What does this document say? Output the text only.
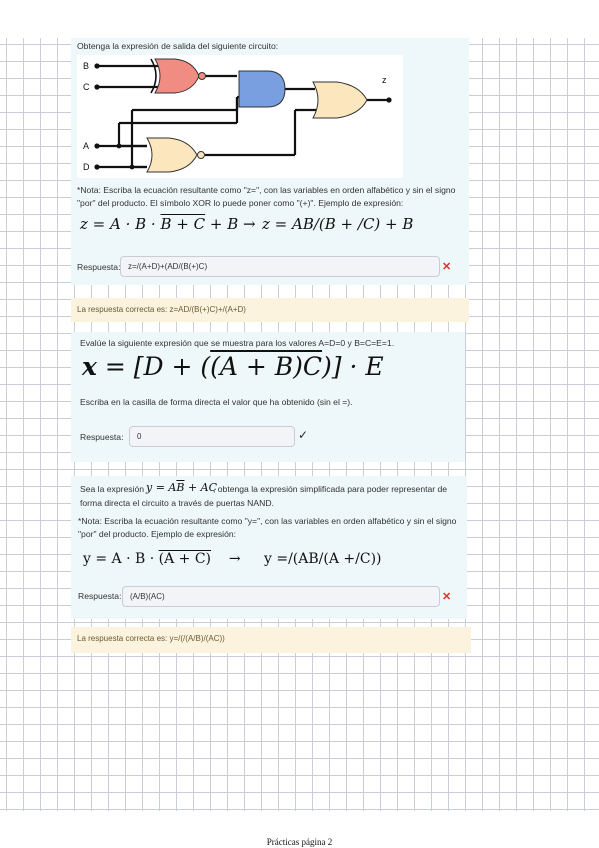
Obtenga la expresión de salida del siguiente circuito:
B
C
A
D
z
*Nota: Escriba la ecuación resultante como "z=", con las variables en orden alfabético y sin el signo
"por" del producto. El símbolo XOR lo puede poner como "(+)". Ejemplo de expresión:
z = A · B · B + C + B → z = AB/(B + /C) + B
Respuesta: z=/(A+D)+(AD/(B(+)C)	✕
La respuesta correcta es: z=AD/(B(+)C)+/(A+D)
Evalúe la siguiente expresión que se muestra para los valores A=D=0 y B=C=E=1.
x = [D + ((A + B)C)] · E
Escriba en la casilla de forma directa el valor que ha obtenido (sin el =).
Respuesta:	0	✓
Sea la expresión $y = A\overline{B}$ + AC
, obtenga la expresión simplificada para poder representar de
forma directa el circuito a través de puertas NAND.
*Nota: Escriba la ecuación resultante como "y=", con las variables en orden alfabético y sin el signo
"por" del producto. Ejemplo de expresión:
y = A · B · (A + C)    → y =/(AB/(A +/C))
Respuesta:	(A/B)(AC)	✕
La respuesta correcta es: y=/(/(A/B)/(AC))
Prácticas página 2
